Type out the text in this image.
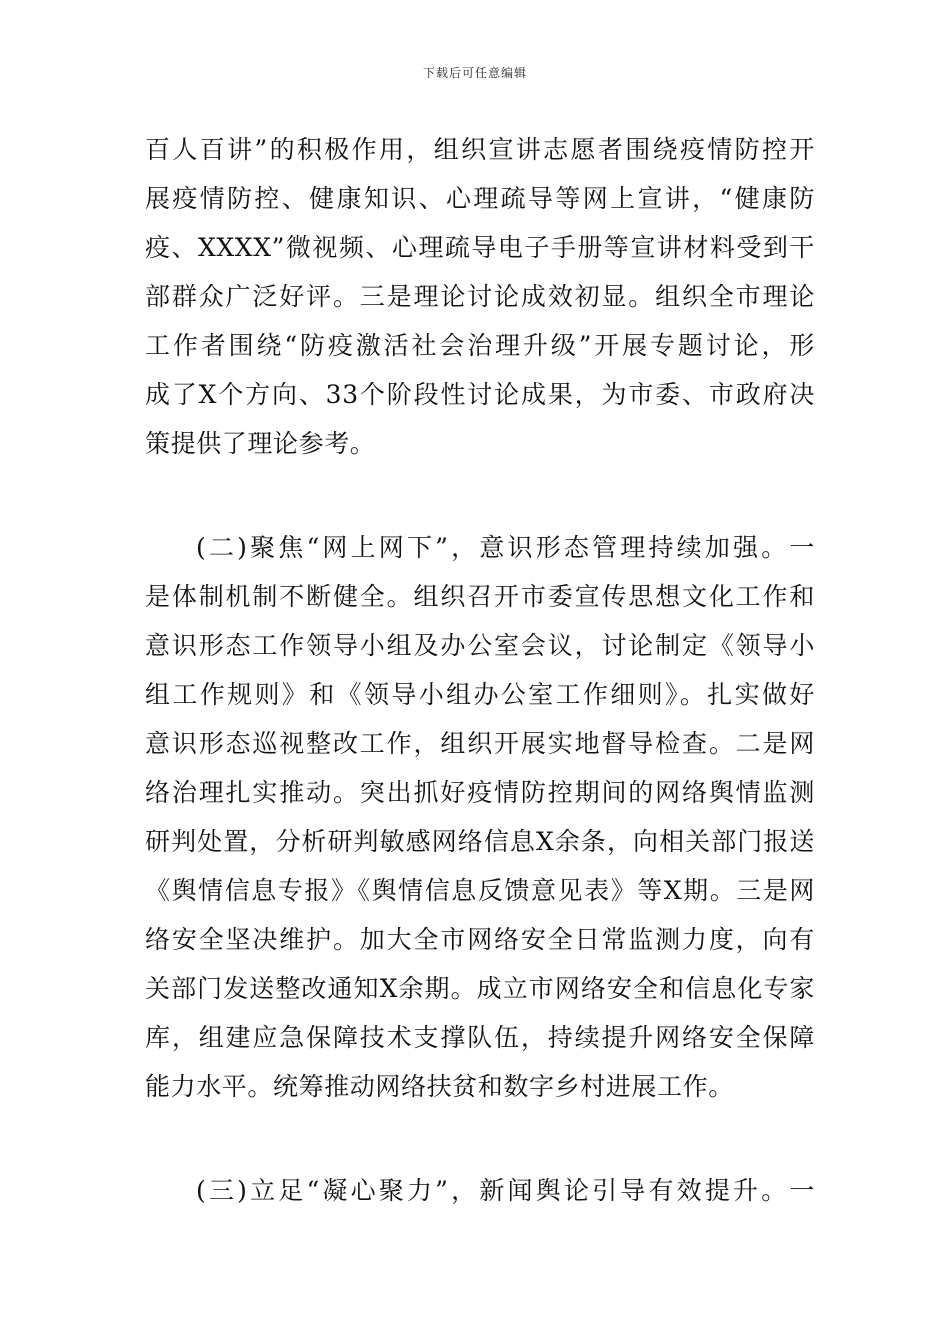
下载后可任意编辑
百人百讲”的积极作用，组织宣讲志愿者围绕疫情防控开
展疫情防控、健康知识、心理疏导等网上宣讲，“健康防
疫、XXXX”微视频、心理疏导电子手册等宣讲材料受到干
部群众广泛好评。三是理论讨论成效初显。组织全市理论
工作者围绕“防疫激活社会治理升级”开展专题讨论，形
成了X个方向、33个阶段性讨论成果，为市委、市政府决
策提供了理论参考。
(二)聚焦“网上网下”，意识形态管理持续加强。一
是体制机制不断健全。组织召开市委宣传思想文化工作和
意识形态工作领导小组及办公室会议，讨论制定《领导小
组工作规则》和《领导小组办公室工作细则》。扎实做好
意识形态巡视整改工作，组织开展实地督导检查。二是网
络治理扎实推动。突出抓好疫情防控期间的网络舆情监测
研判处置，分析研判敏感网络信息X余条，向相关部门报送
《舆情信息专报》《舆情信息反馈意见表》等X期。三是网
络安全坚决维护。加大全市网络安全日常监测力度，向有
关部门发送整改通知X余期。成立市网络安全和信息化专家
库，组建应急保障技术支撑队伍，持续提升网络安全保障
能力水平。统筹推动网络扶贫和数字乡村进展工作。
(三)立足“凝心聚力”，新闻舆论引导有效提升。一
